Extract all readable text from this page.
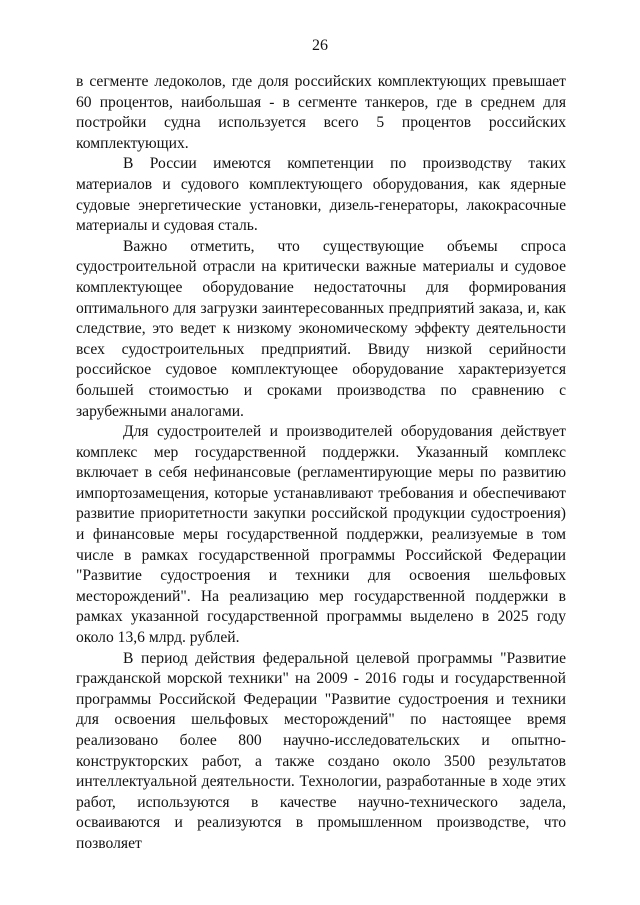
26

в сегменте ледоколов, где доля российских комплектующих превышает 60 процентов, наибольшая - в сегменте танкеров, где в среднем для постройки судна используется всего 5 процентов российских комплектующих.

В России имеются компетенции по производству таких материалов и судового комплектующего оборудования, как ядерные судовые энергетические установки, дизель-генераторы, лакокрасочные материалы и судовая сталь.

Важно отметить, что существующие объемы спроса судостроительной отрасли на критически важные материалы и судовое комплектующее оборудование недостаточны для формирования оптимального для загрузки заинтересованных предприятий заказа, и, как следствие, это ведет к низкому экономическому эффекту деятельности всех судостроительных предприятий. Ввиду низкой серийности российское судовое комплектующее оборудование характеризуется большей стоимостью и сроками производства по сравнению с зарубежными аналогами.

Для судостроителей и производителей оборудования действует комплекс мер государственной поддержки. Указанный комплекс включает в себя нефинансовые (регламентирующие меры по развитию импортозамещения, которые устанавливают требования и обеспечивают развитие приоритетности закупки российской продукции судостроения) и финансовые меры государственной поддержки, реализуемые в том числе в рамках государственной программы Российской Федерации "Развитие судостроения и техники для освоения шельфовых месторождений". На реализацию мер государственной поддержки в рамках указанной государственной программы выделено в 2025 году около 13,6 млрд. рублей.

В период действия федеральной целевой программы "Развитие гражданской морской техники" на 2009 - 2016 годы и государственной программы Российской Федерации "Развитие судостроения и техники для освоения шельфовых месторождений" по настоящее время реализовано более 800 научно-исследовательских и опытно-конструкторских работ, а также создано около 3500 результатов интеллектуальной деятельности. Технологии, разработанные в ходе этих работ, используются в качестве научно-технического задела, осваиваются и реализуются в промышленном производстве, что позволяет
